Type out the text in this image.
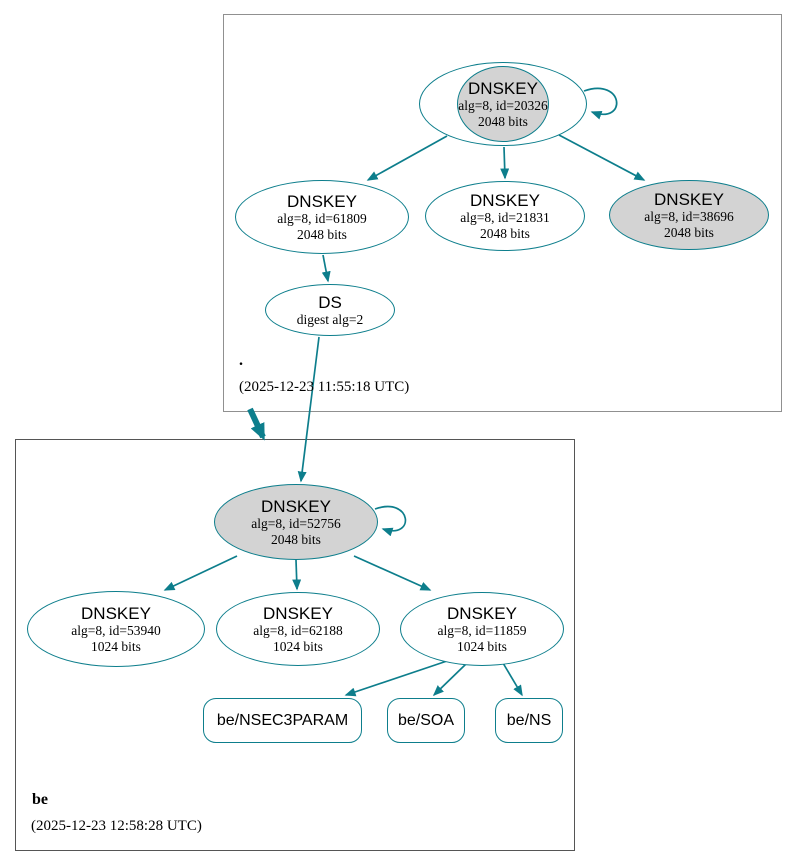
DNSKEY
alg=8, id=20326
2048 bits
DNSKEY
alg=8, id=61809
2048 bits
DNSKEY
alg=8, id=21831
2048 bits
DNSKEY
alg=8, id=38696
2048 bits
DS
digest alg=2
.
(2025-12-23 11:55:18 UTC)
DNSKEY
alg=8, id=52756
2048 bits
DNSKEY
alg=8, id=53940
1024 bits
DNSKEY
alg=8, id=62188
1024 bits
DNSKEY
alg=8, id=11859
1024 bits
be/NSEC3PARAM	be/SOA	be/NS
be
(2025-12-23 12:58:28 UTC)
